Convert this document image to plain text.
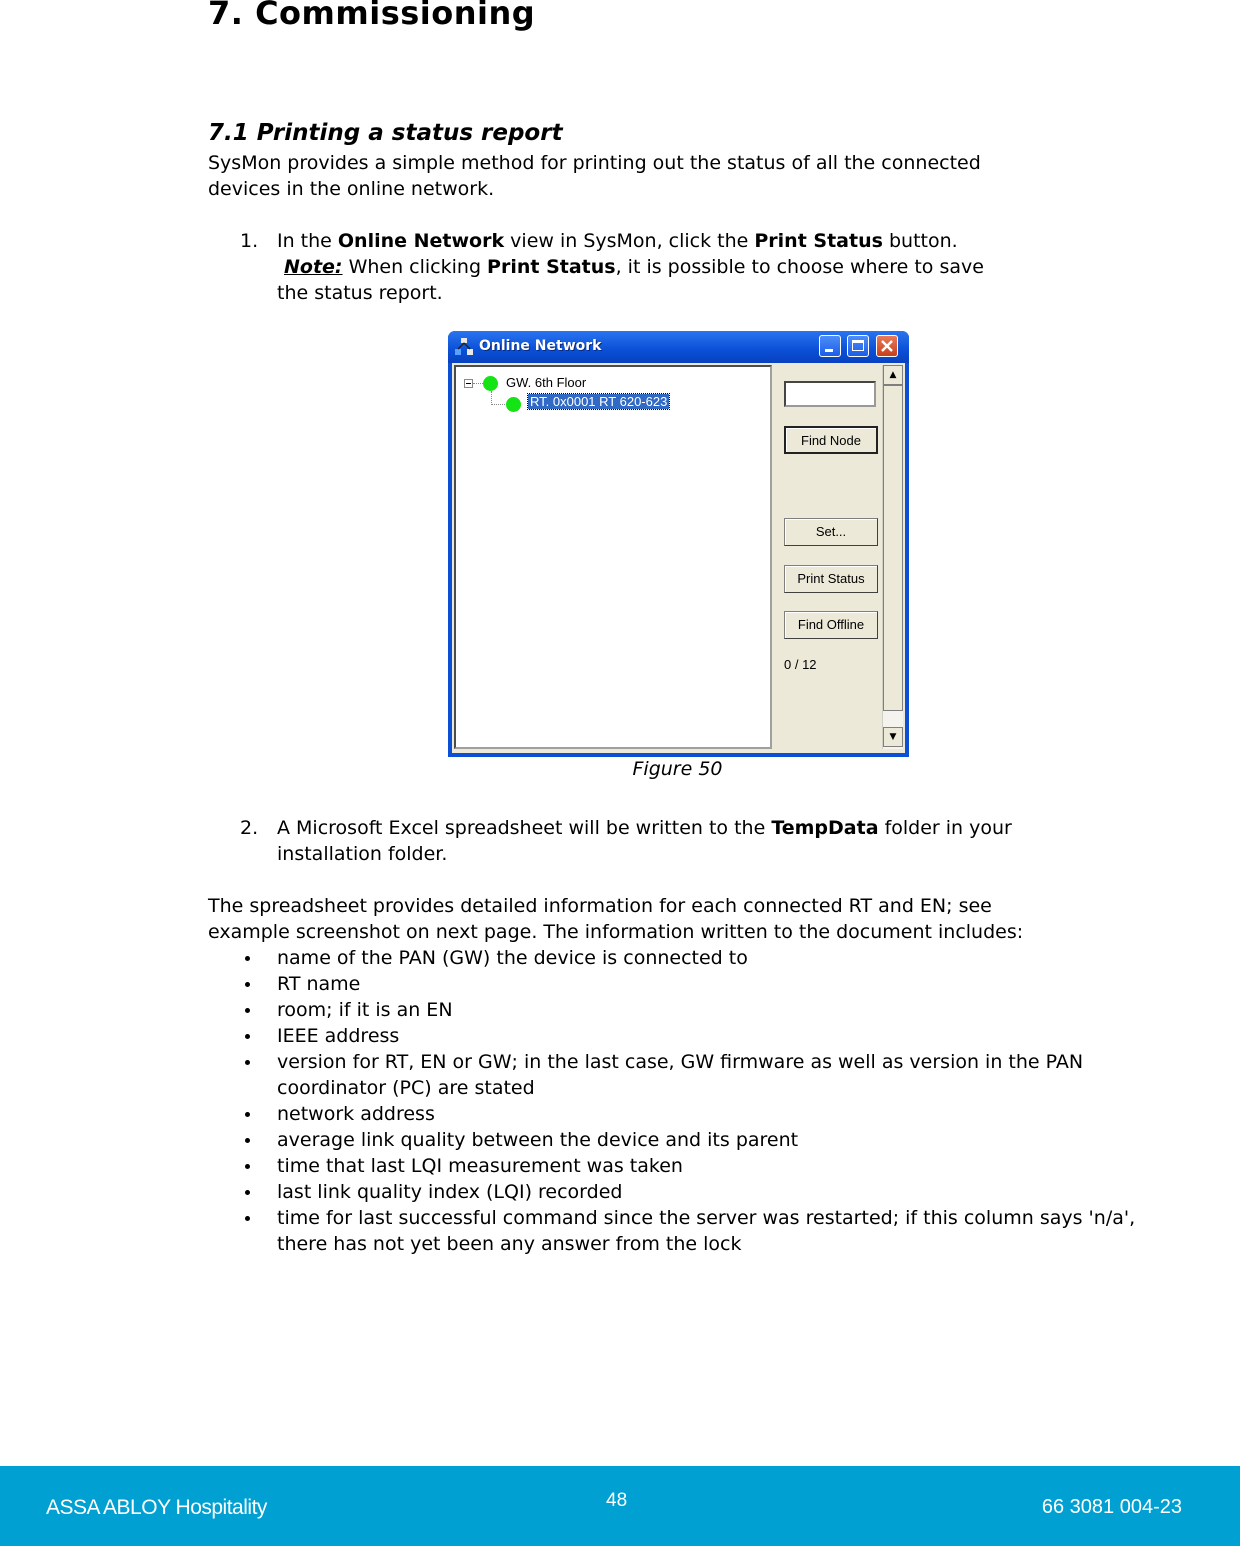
7. Commissioning
7.1 Printing a status report
SysMon provides a simple method for printing out the status of all the connected
devices in the online network.
1. In the Online Network view in SysMon, click the Print Status button.
Note: When clicking Print Status, it is possible to choose where to save
the status report.
Online Network
GW. 6th Floor
RT. 0x0001 RT 620-623
Find Node
Set...
Print Status
Find Offline
0 / 12
▲
▼
Figure 50
2. A Microsoft Excel spreadsheet will be written to the TempData folder in your
installation folder.
The spreadsheet provides detailed information for each connected RT and EN; see
example screenshot on next page. The information written to the document includes:
name of the PAN (GW) the device is connected to
RT name
room; if it is an EN
IEEE address
version for RT, EN or GW; in the last case, GW firmware as well as version in the PAN coordinator (PC) are stated
network address
average link quality between the device and its parent
time that last LQI measurement was taken
last link quality index (LQI) recorded
time for last successful command since the server was restarted; if this column says 'n/a', there has not yet been any answer from the lock
ASSA ABLOY Hospitality	48	66 3081 004-23
